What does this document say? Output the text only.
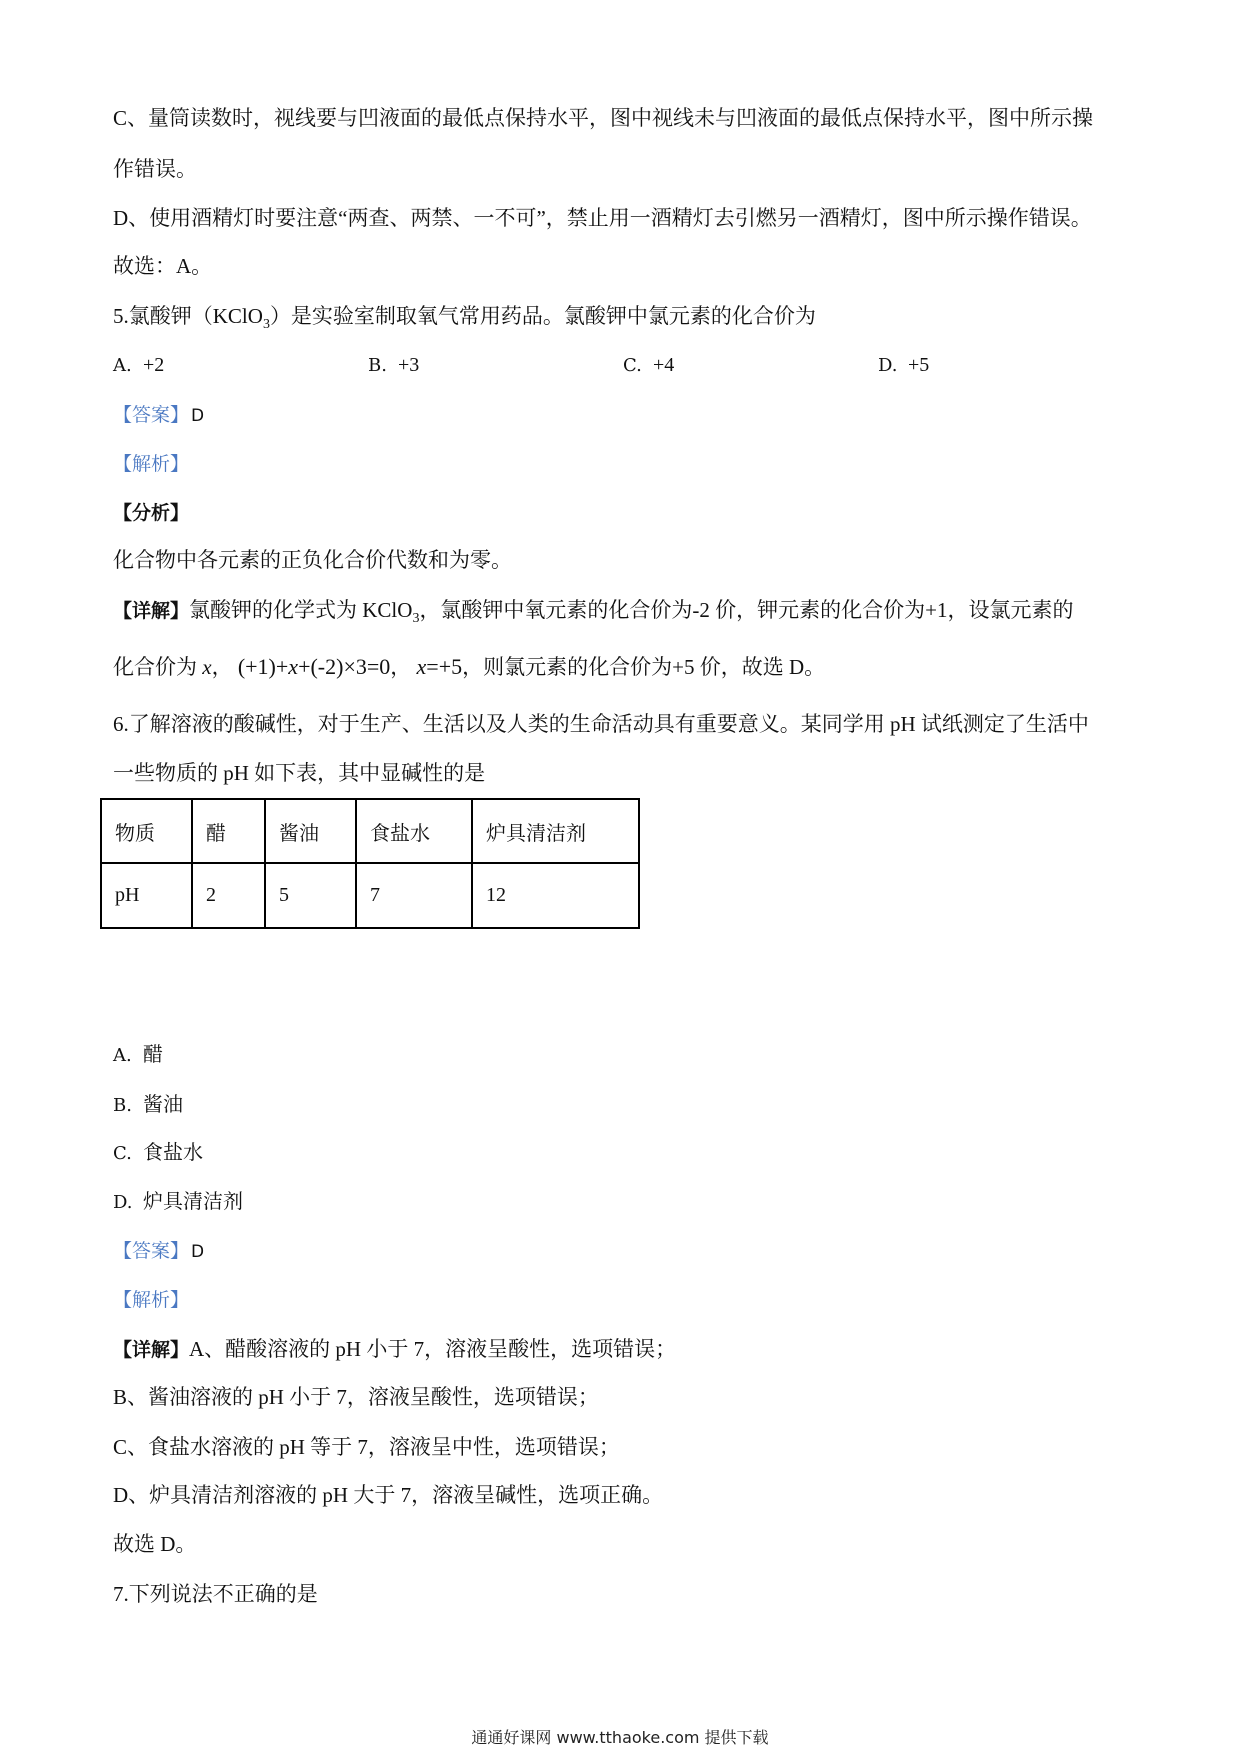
C、量筒读数时，视线要与凹液面的最低点保持水平，图中视线未与凹液面的最低点保持水平，图中所示操
作错误。
D、使用酒精灯时要注意“两查、两禁、一不可”，禁止用一酒精灯去引燃另一酒精灯，图中所示操作错误。
故选：A。
5.氯酸钾（KClO$_3$）是实验室制取氧气常用药品。氯酸钾中氯元素的化合价为
A. +2	B. +3	C. +4	D. +5
【答案】 D
【解析】
【分析】
化合物中各元素的正负化合价代数和为零。
【详解】氯酸钾的化学式为 KClO$_3$，氯酸钾中氧元素的化合价为-2 价，钾元素的化合价为+1，设氯元素的
化合价为 x， (+1)+x+(-2)×3=0， x=+5，则氯元素的化合价为+5 价，故选 D。
6.了解溶液的酸碱性，对于生产、生活以及人类的生命活动具有重要意义。某同学用 pH 试纸测定了生活中
一些物质的 pH 如下表，其中显碱性的是
物质	醋	酱油	食盐水	炉具清洁剂
pH	2	5	7	12
A. 醋
B. 酱油
C. 食盐水
D. 炉具清洁剂
【答案】 D
【解析】
【详解】A、醋酸溶液的 pH 小于 7，溶液呈酸性，选项错误；
B、酱油溶液的 pH 小于 7，溶液呈酸性，选项错误；
C、食盐水溶液的 pH 等于 7，溶液呈中性，选项错误；
D、炉具清洁剂溶液的 pH 大于 7，溶液呈碱性，选项正确。
故选 D。
7.下列说法不正确的是
通通好课网 www.tthaoke.com 提供下载
